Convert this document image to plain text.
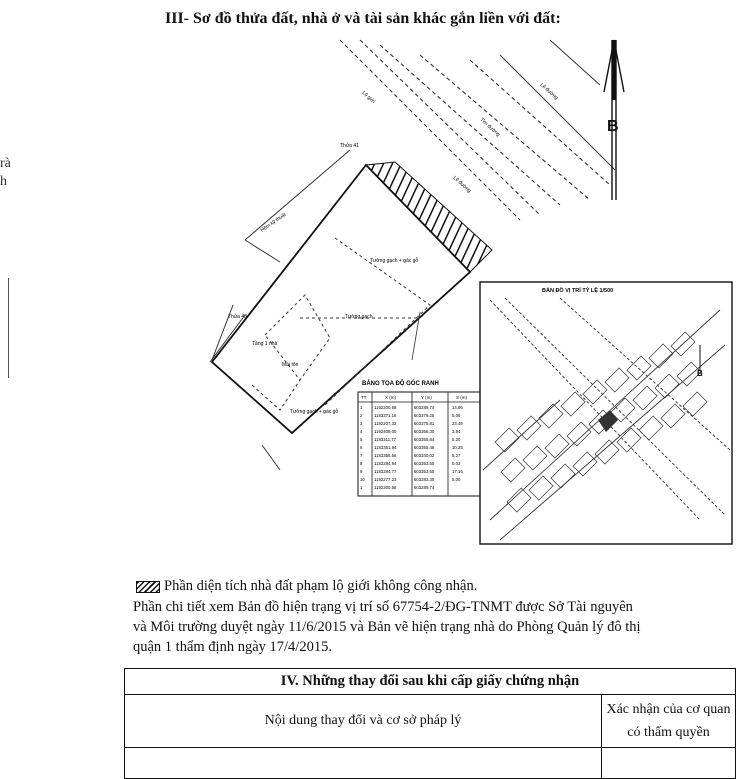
rà
h
III- Sơ đồ thửa đất, nhà ở và tài sản khác gắn liền với đất:
Lề đường
Lộ giới
Lề đường
Tim đường
Thửa 41
Thửa 43
Hẻm kỹ thuật
Tường gạch + gác gỗ
Tường gạch
Tầng 1 nhà
Mái tôn
Tường gạch + gác gỗ
B
BẢNG TỌA ĐỘ GÓC RANH
TT	X (m)	Y (m)	S (m)
1	1192200.58	603289.74	14.96
2	1183371.18	603379.25	5.06
3	1192207.32	603375.81	23.49
4	1192409.00	603356.30	3.84
5	1183311.77	603355.84	5.20
6	1183351.94	603355.46	10.25
7	1183358.56	603340.02	5.27
8	1183284.94	603353.50	0.03
9	1183284.77	603353.50	17.16
10 1192277.23	603283.30	5.00
1	1192200.58	603289.74
BẢN ĐỒ VỊ TRÍ TỶ LỆ 1/500
B
Phần diện tích nhà đất phạm lộ giới không công nhận.
Phần chi tiết xem Bản đồ hiện trạng vị trí số 67754-2/ĐG-TNMT được Sở Tài nguyên
và Môi trường duyệt ngày 11/6/2015 và Bản vẽ hiện trạng nhà do Phòng Quản lý đô thị
quận 1 thẩm định ngày 17/4/2015.
IV. Những thay đổi sau khi cấp giấy chứng nhận	
Nội dung thay đổi và cơ sở pháp lý	Xác nhận của cơ quan
có thẩm quyền
